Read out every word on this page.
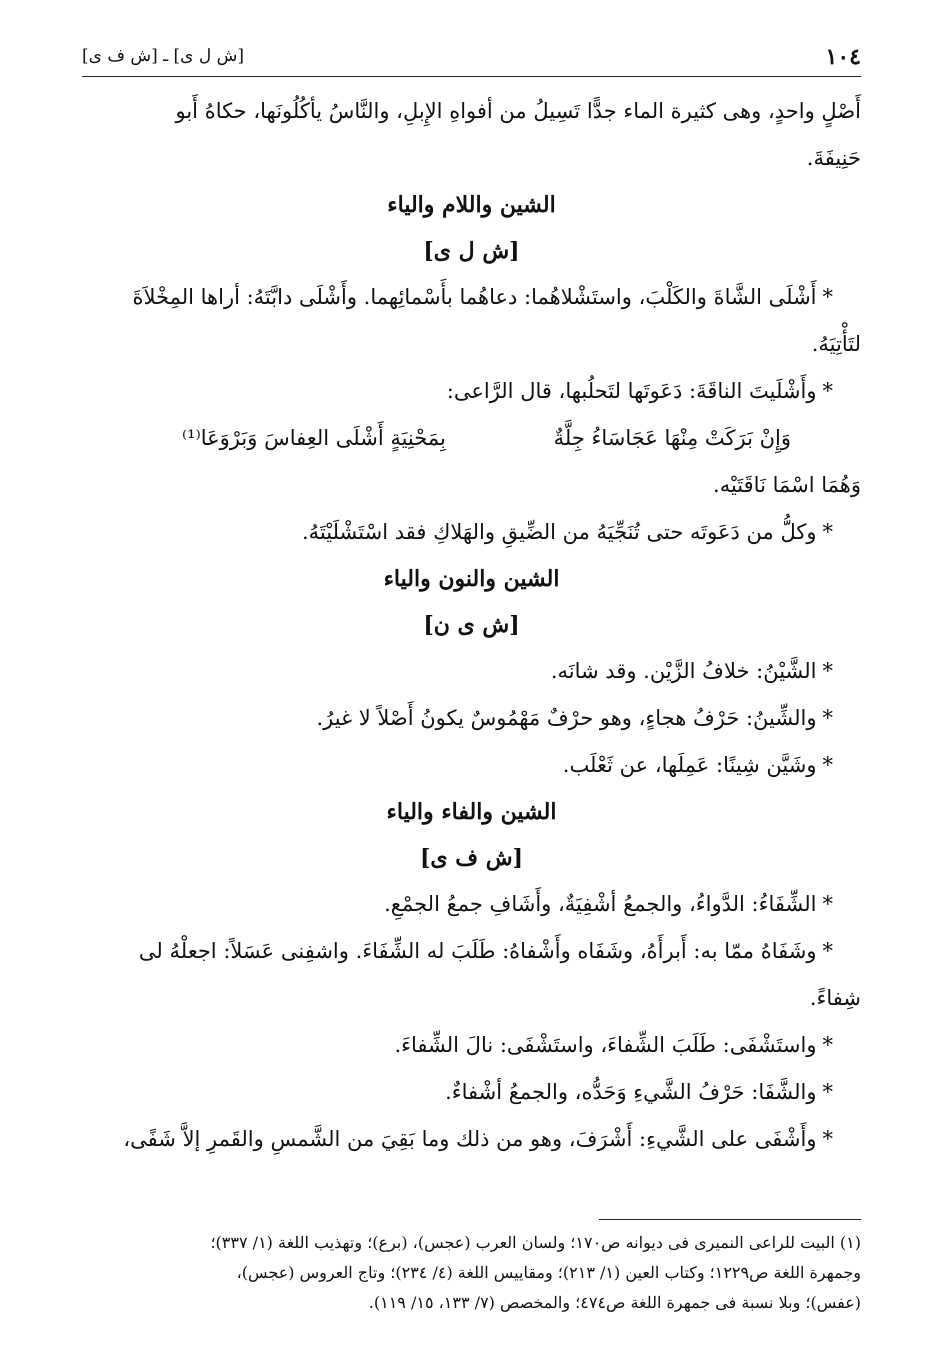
١٠٤
[ش ل ى] ـ [ش ف ى]

أَصْلٍ واحدٍ، وهى كثيرة الماء جدًّا تَسِيلُ من أفواهِ الإِبلِ، والنَّاسُ يأكُلُونَها، حكاهُ أَبو

حَنِيفَةَ.

الشين واللام والياء
[ش ل ى]

*أَشْلَى الشَّاةَ والكَلْبَ، واستَشْلاهُما: دعاهُما بأَسْمائِهما. وأَشْلَى دابَّتَهُ: أراها المِخْلاَةَ

لتَأْتِيَهُ.

*وأَشْلَيتَ الناقَةَ: دَعَوتَها لتَحلُبها، قال الرَّاعى:

وَإِنْ بَرَكَتْ مِنْهَا عَجَاسَاءُ جِلَّةٌ
بِمَحْنِيَةٍ أَشْلَى العِفاسَ وَبَرْوَعَا⁽¹⁾

وَهُمَا اسْمَا نَاقَتَيْه.

*وكلُّ من دَعَوتَه حتى تُنَجِّيَهُ من الضِّيقِ والهَلاكِ فقد اسْتَشْلَيْتَهُ.

الشين والنون والياء
[ش ى ن]

*الشَّيْنُ: خلافُ الزَّيْن. وقد شانَه.

*والشِّينُ: حَرْفُ هجاءٍ، وهو حرْفٌ مَهْمُوسٌ يكونُ أَصْلاً لا غيرُ.

*وشَيَّن شِينًا: عَمِلَها، عن ثَعْلَب.

الشين والفاء والياء
[ش ف ى]

*الشِّفَاءُ: الدَّواءُ، والجمعُ أشْفِيَةٌ، وأَشَافِ جمعُ الجمْعِ.

*وشَفَاهُ ممّا به: أَبرأَهُ، وشَفَاه وأَشْفاهُ: طَلَبَ له الشِّفَاءَ. واشفِنى عَسَلاً: اجعلْهُ لى

شِفاءً.

*واستَشْفَى: طَلَبَ الشِّفاءَ، واستَشْفَى: نالَ الشِّفاءَ.

*والشَّفَا: حَرْفُ الشَّيءِ وَحَدُّه، والجمعُ أشْفاءٌ.

*وأَشْفَى على الشَّيءِ: أَشْرَفَ، وهو من ذلك وما بَقِيَ من الشَّمسِ والقَمرِ إلاَّ شَفًى،

(١) البيت للراعى النميرى فى ديوانه ص١٧٠؛ ولسان العرب (عجس)، (برع)؛ وتهذيب اللغة (١/ ٣٣٧)؛

وجمهرة اللغة ص١٢٢٩؛ وكتاب العين (١/ ٢١٣)؛ ومقاييس اللغة (٤/ ٢٣٤)؛ وتاج العروس (عجس)،

(عفس)؛ وبلا نسبة فى جمهرة اللغة ص٤٧٤؛ والمخصص (٧/ ١٣٣، ١٥/ ١١٩).
